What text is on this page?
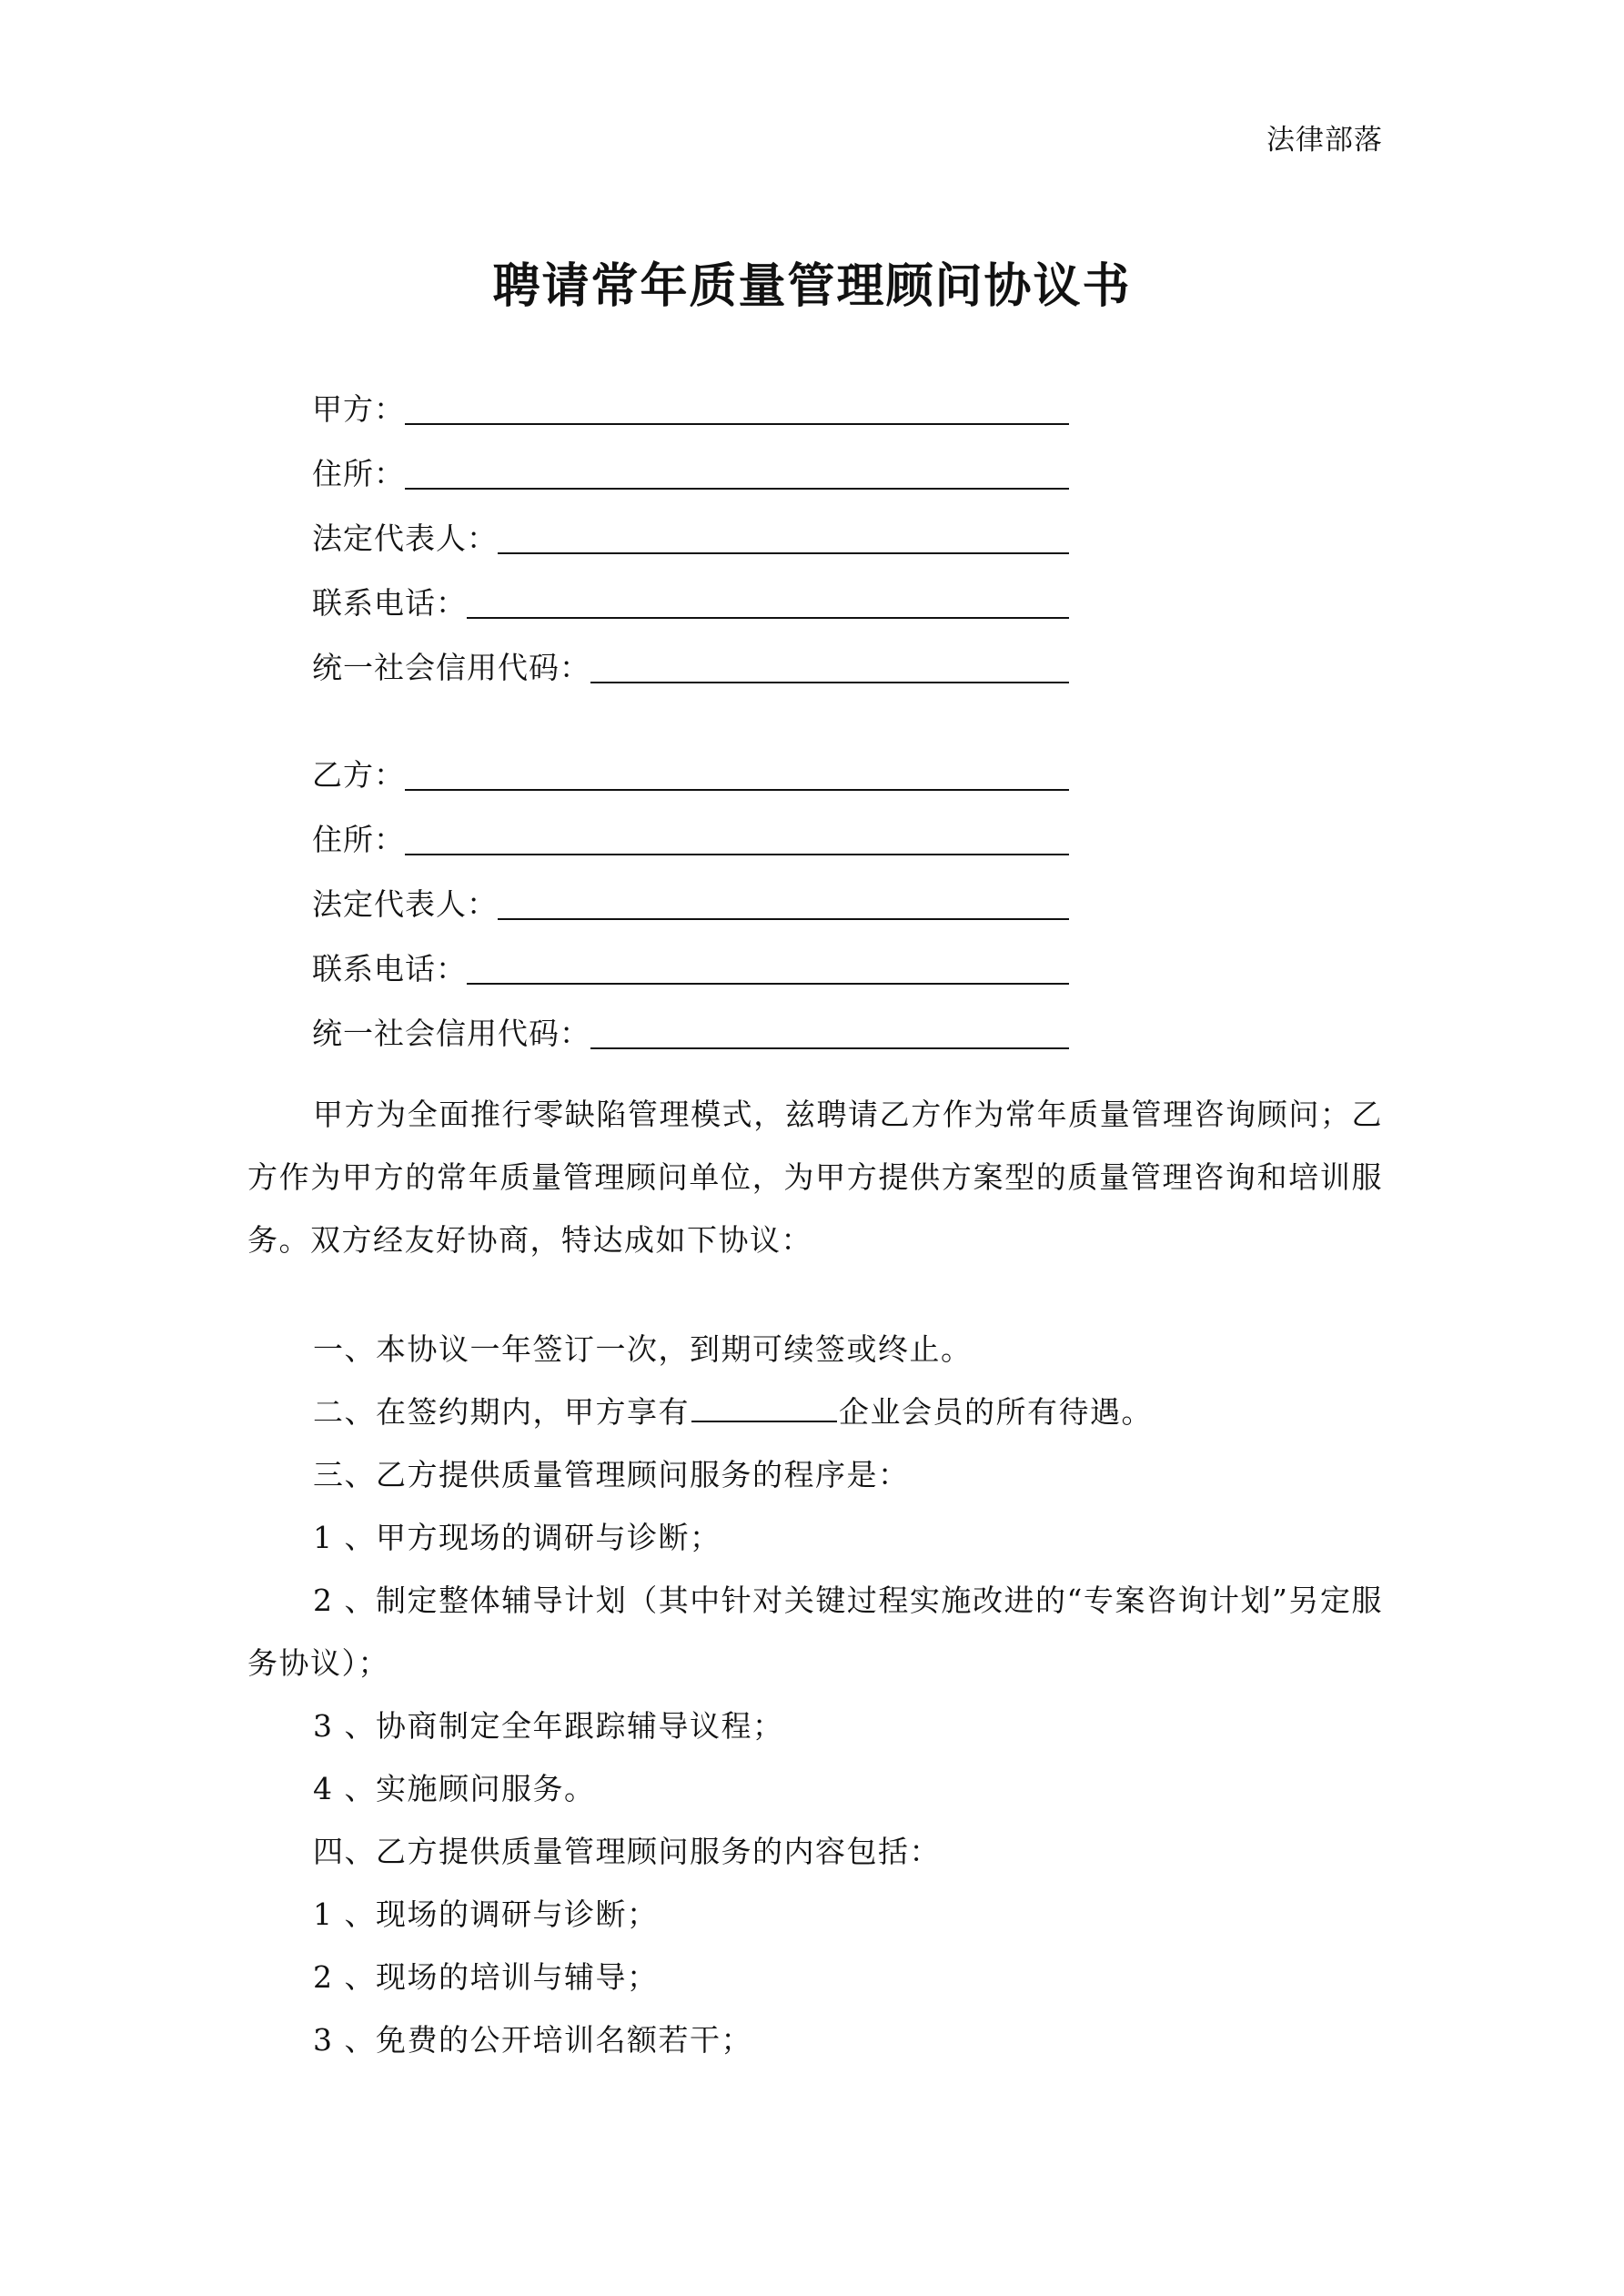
法律部落
聘请常年质量管理顾问协议书
甲方：
住所：
法定代表人：
联系电话：
统一社会信用代码：
乙方：
住所：
法定代表人：
联系电话：
统一社会信用代码：

甲方为全面推行零缺陷管理模式，兹聘请乙方作为常年质量管理咨询顾问；乙方作为甲方的常年质量管理顾问单位，为甲方提供方案型的质量管理咨询和培训服务。双方经友好协商，特达成如下协议：

一、本协议一年签订一次，到期可续签或终止。

二、在签约期内，甲方享有	企业会员的所有待遇。

三、乙方提供质量管理顾问服务的程序是：

1 、甲方现场的调研与诊断；

2 、制定整体辅导计划（其中针对关键过程实施改进的“专案咨询计划”另定服务协议）；

3 、协商制定全年跟踪辅导议程；

4 、实施顾问服务。

四、乙方提供质量管理顾问服务的内容包括：

1 、现场的调研与诊断；

2 、现场的培训与辅导；

3 、免费的公开培训名额若干；
